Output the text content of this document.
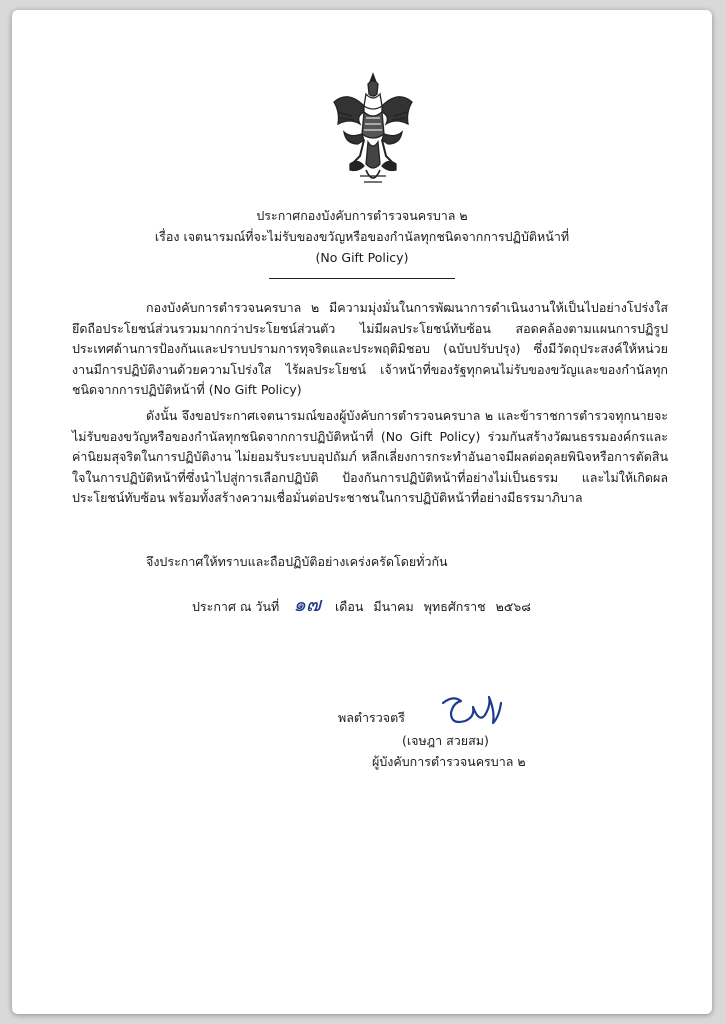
ประกาศกองบังคับการตำรวจนครบาล ๒
เรื่อง เจตนารมณ์ที่จะไม่รับของขวัญหรือของกำนัลทุกชนิดจากการปฏิบัติหน้าที่
(No Gift Policy)
กองบังคับการตำรวจนครบาล ๒ มีความมุ่งมั่นในการพัฒนาการดำเนินงานให้เป็นไปอย่างโปร่งใส ยึดถือประโยชน์ส่วนรวมมากกว่าประโยชน์ส่วนตัว ไม่มีผลประโยชน์ทับซ้อน สอดคล้องตามแผนการปฏิรูปประเทศด้านการป้องกันและปราบปรามการทุจริตและประพฤติมิชอบ (ฉบับปรับปรุง) ซึ่งมีวัตถุประสงค์ให้หน่วยงานมีการปฏิบัติงานด้วยความโปร่งใส ไร้ผลประโยชน์ เจ้าหน้าที่ของรัฐทุกคนไม่รับของขวัญและของกำนัลทุกชนิดจากการปฏิบัติหน้าที่ (No Gift Policy)
ดังนั้น จึงขอประกาศเจตนารมณ์ของผู้บังคับการตำรวจนครบาล ๒ และข้าราชการตำรวจทุกนายจะไม่รับของขวัญหรือของกำนัลทุกชนิดจากการปฏิบัติหน้าที่ (No Gift Policy) ร่วมกันสร้างวัฒนธรรมองค์กรและค่านิยมสุจริตในการปฏิบัติงาน ไม่ยอมรับระบบอุปถัมภ์ หลีกเลี่ยงการกระทำอันอาจมีผลต่อดุลยพินิจหรือการตัดสินใจในการปฏิบัติหน้าที่ซึ่งนำไปสู่การเลือกปฏิบัติ ป้องกันการปฏิบัติหน้าที่อย่างไม่เป็นธรรม และไม่ให้เกิดผลประโยชน์ทับซ้อน พร้อมทั้งสร้างความเชื่อมั่นต่อประชาชนในการปฏิบัติหน้าที่อย่างมีธรรมาภิบาล
จึงประกาศให้ทราบและถือปฏิบัติอย่างเคร่งครัดโดยทั่วกัน
ประกาศ ณ วันที่ ๑๗ เดือน มีนาคม พุทธศักราช ๒๕๖๘
พลตำรวจตรี
(เจษฎา สวยสม)
ผู้บังคับการตำรวจนครบาล ๒
